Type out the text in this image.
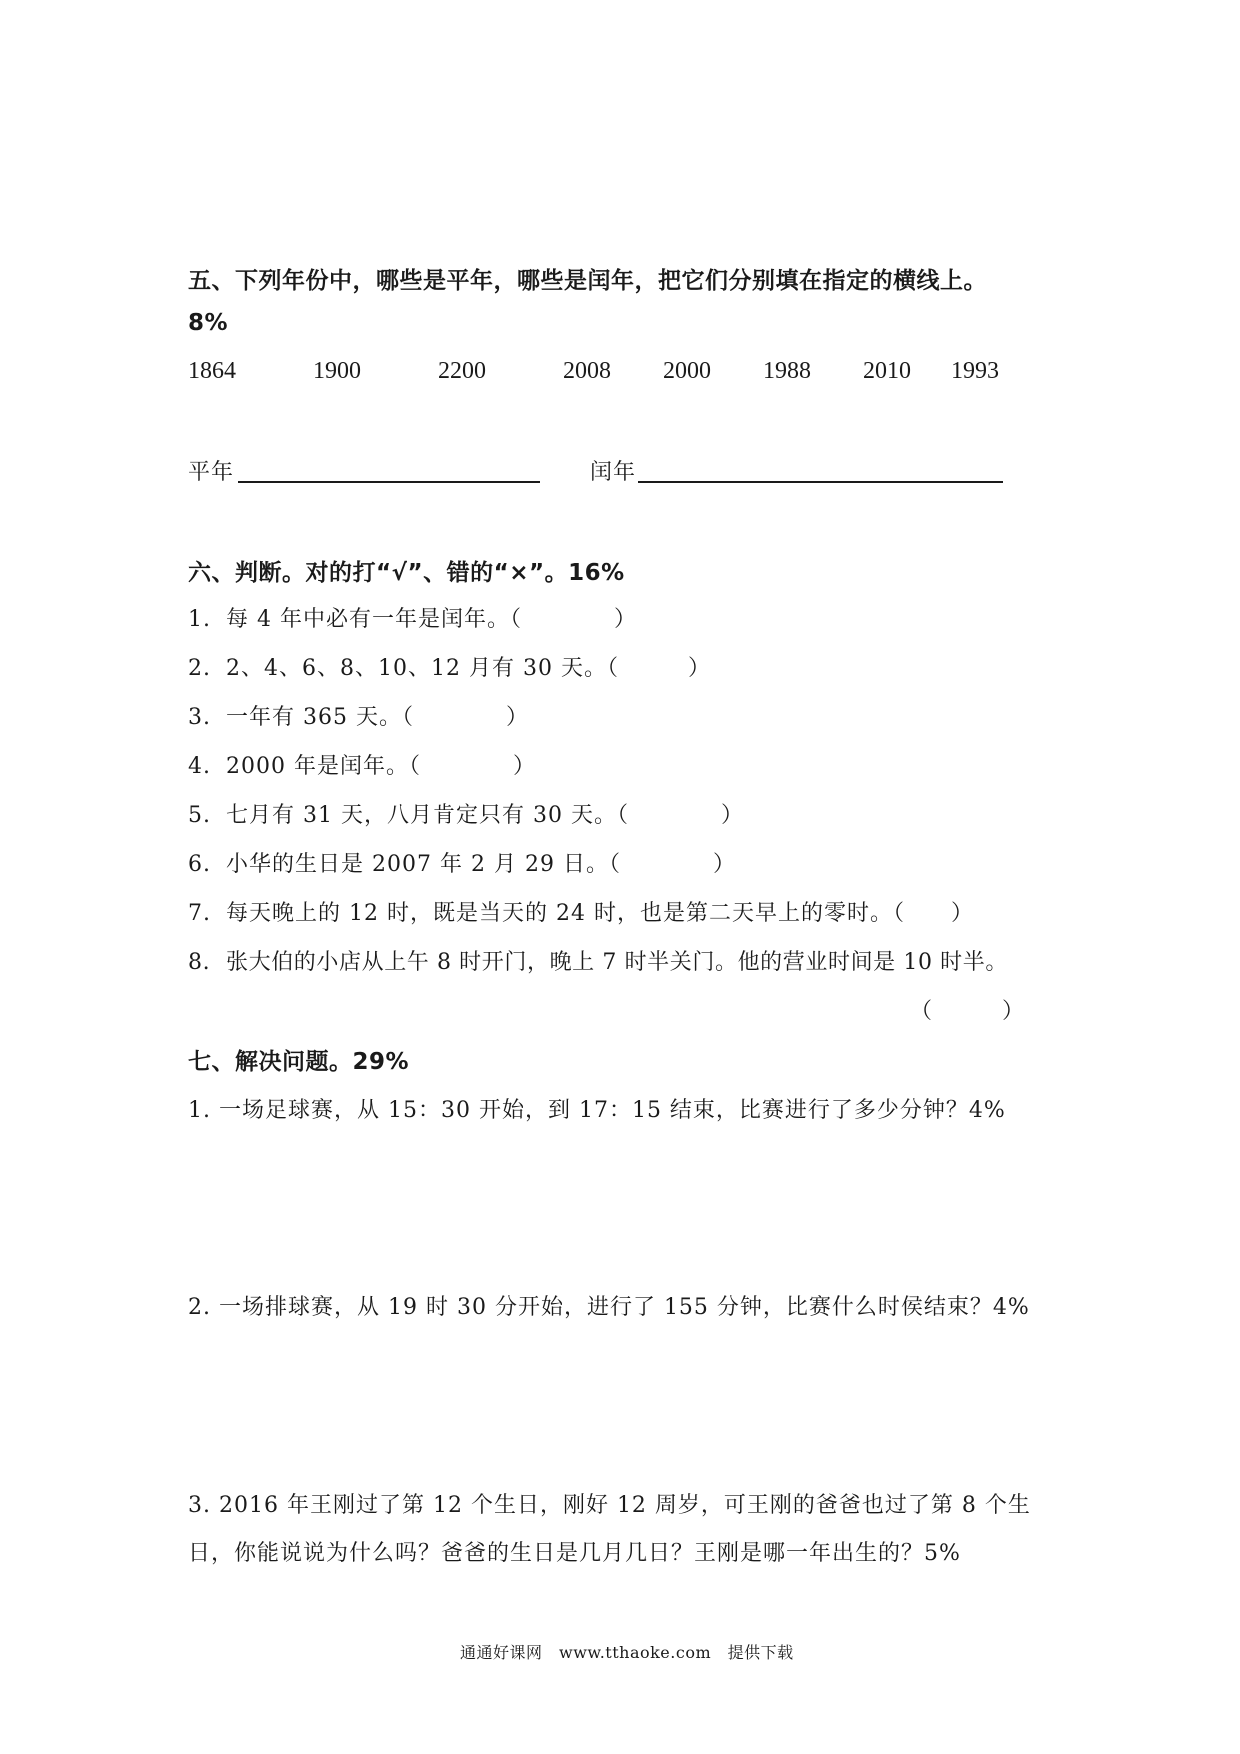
五、下列年份中，哪些是平年，哪些是闰年，把它们分别填在指定的横线上。
8%
1864	1900	2200	2008 2000 1988 2010 1993
平年	闰年
六、判断。对的打“√”、错的“×”。16%
1. 每 4 年中必有一年是闰年。（　　　　）
2. 2、4、6、8、10、12 月有 30 天。（　　　）
3. 一年有 365 天。（　　　　）
4. 2000 年是闰年。（　　　　）
5. 七月有 31 天，八月肯定只有 30 天。（　　　　）
6. 小华的生日是 2007 年 2 月 29 日。（　　　　）
7. 每天晚上的 12 时，既是当天的 24 时，也是第二天早上的零时。（　　）
8. 张大伯的小店从上午 8 时开门，晚上 7 时半关门。他的营业时间是 10 时半。
（　　　）
七、解决问题。29%
1. 一场足球赛，从 15：30 开始，到 17：15 结束，比赛进行了多少分钟？4%
2. 一场排球赛，从 19 时 30 分开始，进行了 155 分钟，比赛什么时侯结束？4%
3. 2016 年王刚过了第 12 个生日，刚好 12 周岁，可王刚的爸爸也过了第 8 个生
日，你能说说为什么吗？爸爸的生日是几月几日？王刚是哪一年出生的？5%
通通好课网　www.tthaoke.com　提供下载
